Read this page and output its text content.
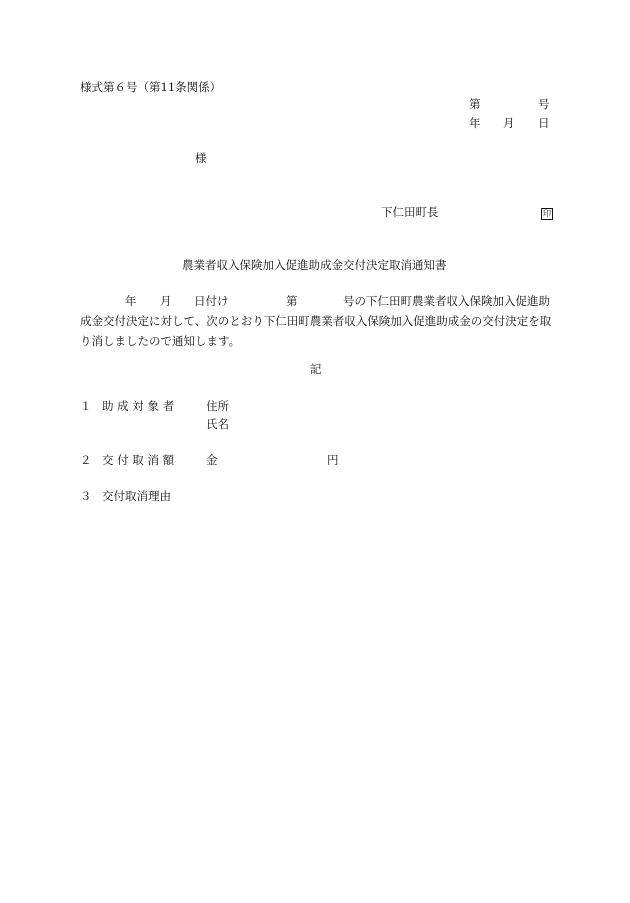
様式第６号（第11条関係）
第	号
年 月 日
様
下仁田町長	印
農業者収入保険加入促進助成金交付決定取消通知書
年 月 日付け	第	号の下仁田町農業者収入保険加入促進助
成金交付決定に対して、次のとおり下仁田町農業者収入保険加入促進助成金の交付決定を取
り消しましたので通知します。
記
１ 助 成 対 象 者	住所
氏名
２ 交 付 取 消 額	金	円
３ 交付取消理由
